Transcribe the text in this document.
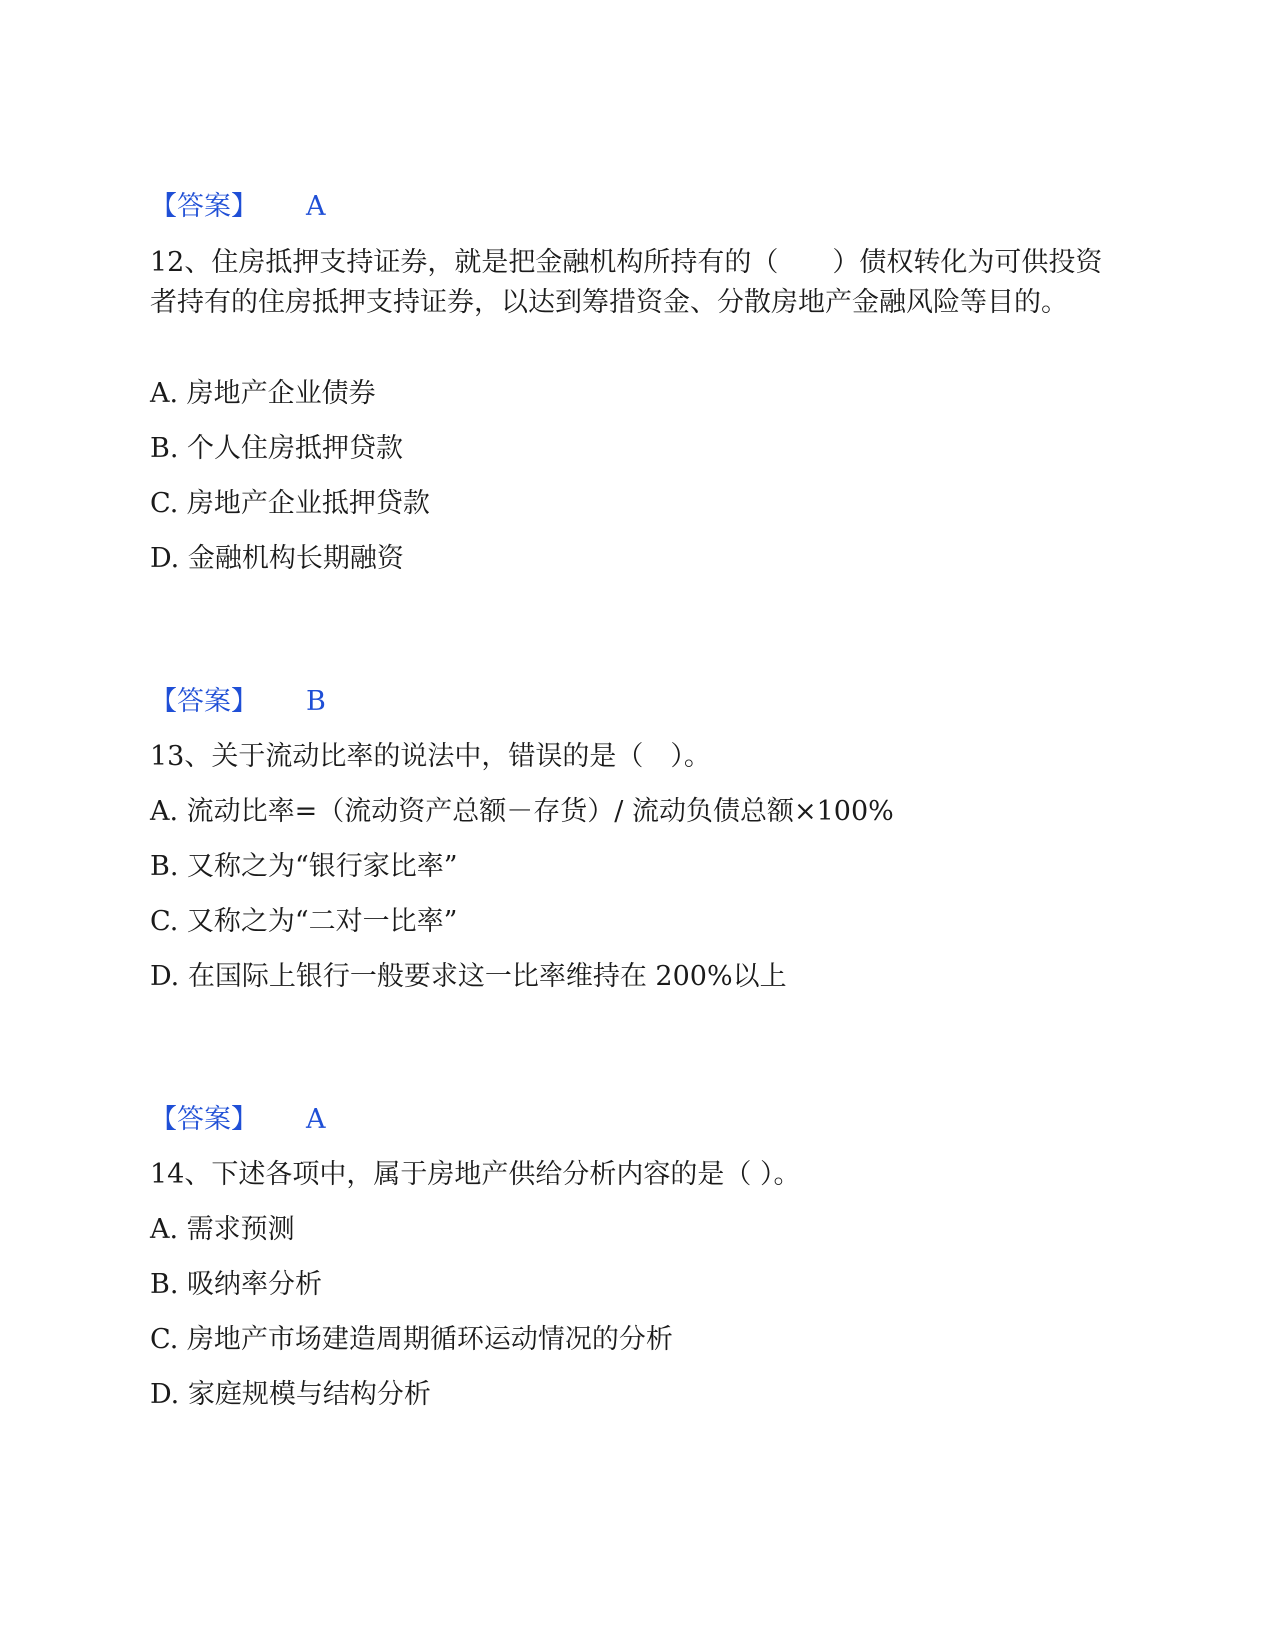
【答案】 A

12、住房抵押支持证券，就是把金融机构所持有的（　　）债权转化为可供投资者持有的住房抵押支持证券，以达到筹措资金、分散房地产金融风险等目的。

A. 房地产企业债券
B. 个人住房抵押贷款
C. 房地产企业抵押贷款
D. 金融机构长期融资
【答案】 B
13、关于流动比率的说法中，错误的是（　）。
A. 流动比率=（流动资产总额－存货）/ 流动负债总额×100%
B. 又称之为“银行家比率”
C. 又称之为“二对一比率”
D. 在国际上银行一般要求这一比率维持在 200%以上
【答案】 A
14、下述各项中，属于房地产供给分析内容的是（ ）。
A. 需求预测
B. 吸纳率分析
C. 房地产市场建造周期循环运动情况的分析
D. 家庭规模与结构分析
